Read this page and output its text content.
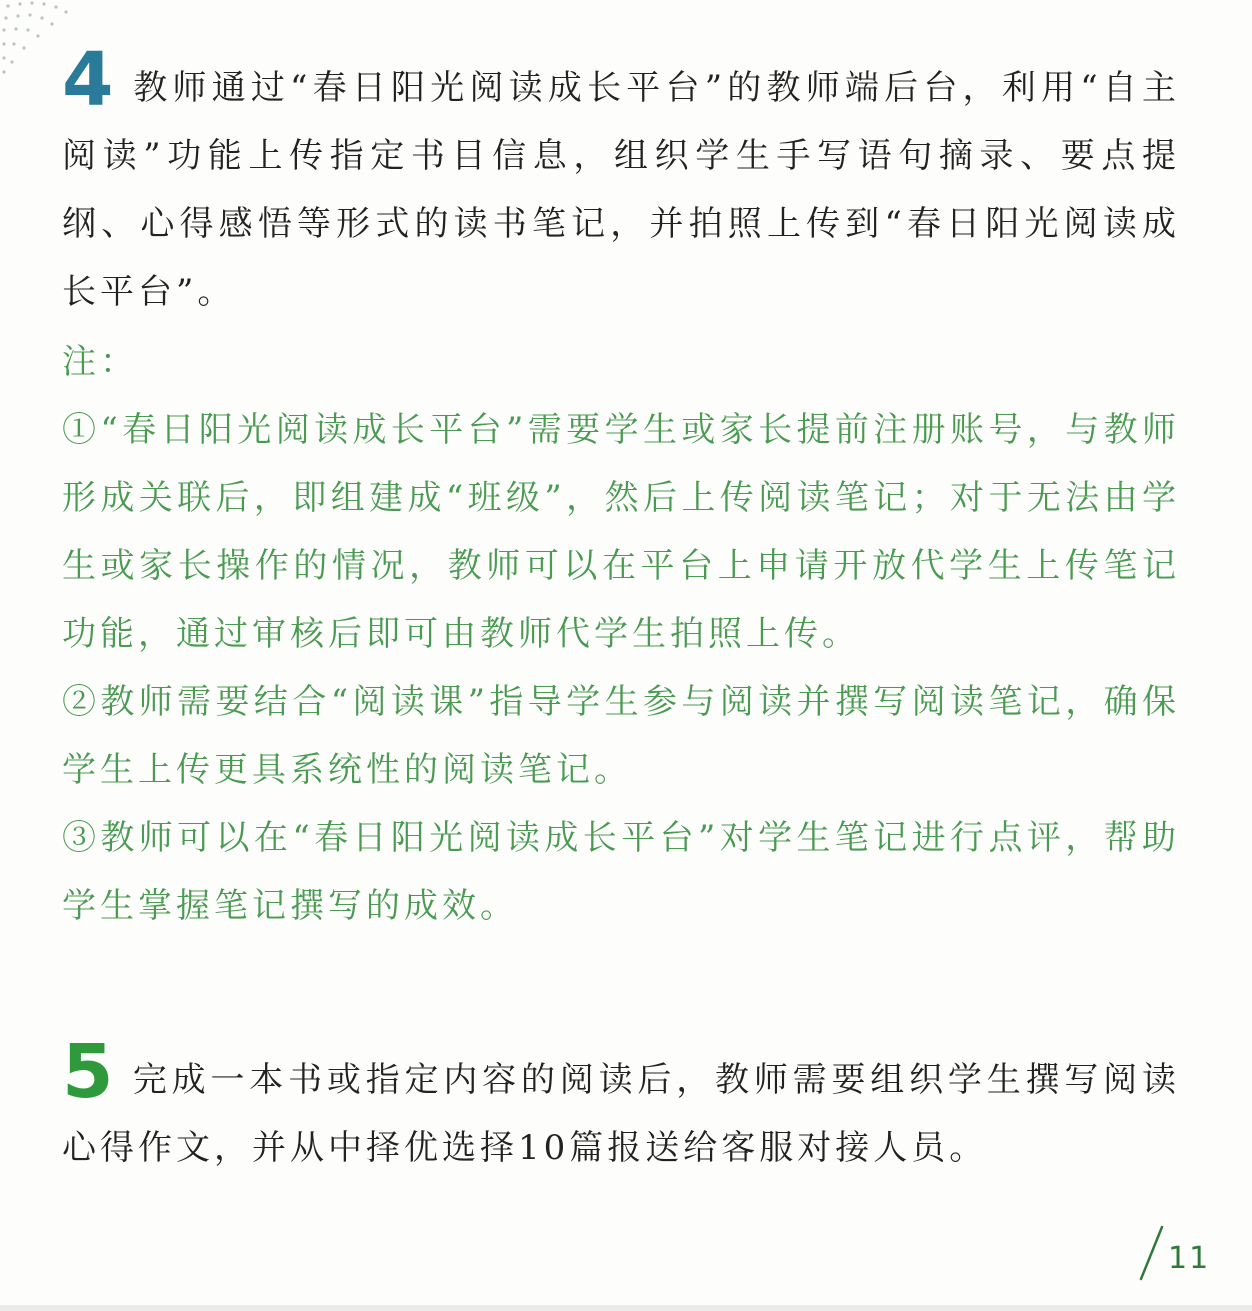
4 教师通过“春日阳光阅读成长平台”的教师端后台，利用“自主阅读”功能上传指定书目信息，组织学生手写语句摘录、要点提纲、心得感悟等形式的读书笔记，并拍照上传到“春日阳光阅读成长平台”。

注：

①“春日阳光阅读成长平台”需要学生或家长提前注册账号，与教师形成关联后，即组建成“班级”，然后上传阅读笔记；对于无法由学生或家长操作的情况，教师可以在平台上申请开放代学生上传笔记功能，通过审核后即可由教师代学生拍照上传。

②教师需要结合“阅读课”指导学生参与阅读并撰写阅读笔记，确保学生上传更具系统性的阅读笔记。

③教师可以在“春日阳光阅读成长平台”对学生笔记进行点评，帮助学生掌握笔记撰写的成效。

5 完成一本书或指定内容的阅读后，教师需要组织学生撰写阅读心得作文，并从中择优选择10篇报送给客服对接人员。

11
